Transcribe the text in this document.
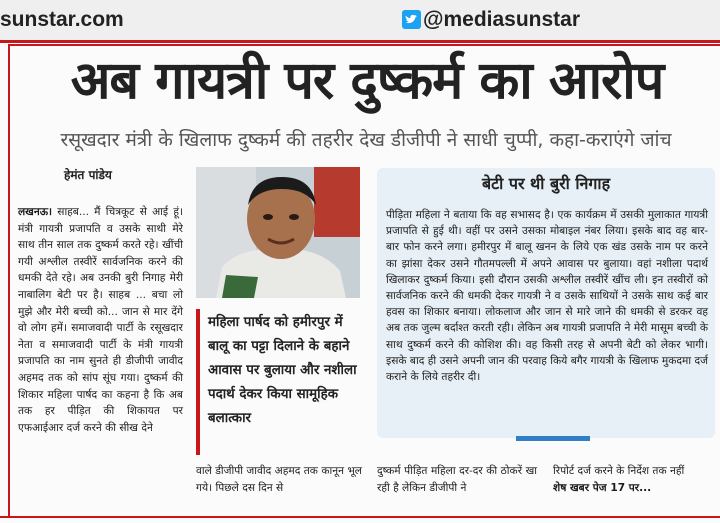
sunstar.com	@mediasunstar
अब गायत्री पर दुष्कर्म का आरोप
रसूखदार मंत्री के खिलाफ दुष्कर्म की तहरीर देख डीजीपी ने साधी चुप्पी, कहा-कराएंगे जांच
हेमंत पांडेय

लखनऊ। साहब... मैं चित्रकूट से आई हूं। मंत्री गायत्री प्रजापति व उसके साथी मेरे साथ तीन साल तक दुष्कर्म करते रहे। खींची गयी अश्लील तस्वीरें सार्वजनिक करने की धमकी देते रहे। अब उनकी बुरी निगाह मेरी नाबालिग बेटी पर है। साहब ... बचा लो मुझे और मेरी बच्ची को... जान से मार देंगे वो लोग हमें। समाजवादी पार्टी के रसूखदार नेता व समाजवादी पार्टी के मंत्री गायत्री प्रजापति का नाम सुनते ही डीजीपी जावीद अहमद तक को सांप सूंघ गया। दुष्कर्म की शिकार महिला पार्षद का कहना है कि अब तक हर पीड़ित की शिकायत पर एफआईआर दर्ज करने की सीख देने

महिला पार्षद को हमीरपुर में बालू का पट्टा दिलाने के बहाने आवास पर बुलाया और नशीला पदार्थ देकर किया सामूहिक बलात्कार
वाले डीजीपी जावीद अहमद तक कानून भूल गये। पिछले दस दिन से
बेटी पर थी बुरी निगाह
पीड़िता महिला ने बताया कि वह सभासद है। एक कार्यक्रम में उसकी मुलाकात गायत्री प्रजापति से हुई थी। वहीं पर उसने उसका मोबाइल नंबर लिया। इसके बाद वह बार-बार फोन करने लगा। हमीरपुर में बालू खनन के लिये एक खंड उसके नाम पर करने का झांसा देकर उसने गौतमपल्ली में अपने आवास पर बुलाया। वहां नशीला पदार्थ खिलाकर दुष्कर्म किया। इसी दौरान उसकी अश्लील तस्वीरें खींच ली। इन तस्वीरों को सार्वजनिक करने की धमकी देकर गायत्री ने व उसके साथियों ने उसके साथ कई बार हवस का शिकार बनाया। लोकलाज और जान से मारे जाने की धमकी से डरकर वह अब तक जुल्म बर्दाश्त करती रही। लेकिन अब गायत्री प्रजापति ने मेरी मासूम बच्ची के साथ दुष्कर्म करने की कोशिश की। वह किसी तरह से अपनी बेटी को लेकर भागी। इसके बाद ही उसने अपनी जान की परवाह किये बगैर गायत्री के खिलाफ मुकदमा दर्ज कराने के लिये तहरीर दी।
दुष्कर्म पीड़ित महिला दर-दर की ठोकरें खा रही है लेकिन डीजीपी ने
रिपोर्ट दर्ज करने के निर्देश तक नहीं
शेष खबर पेज 17 पर...
